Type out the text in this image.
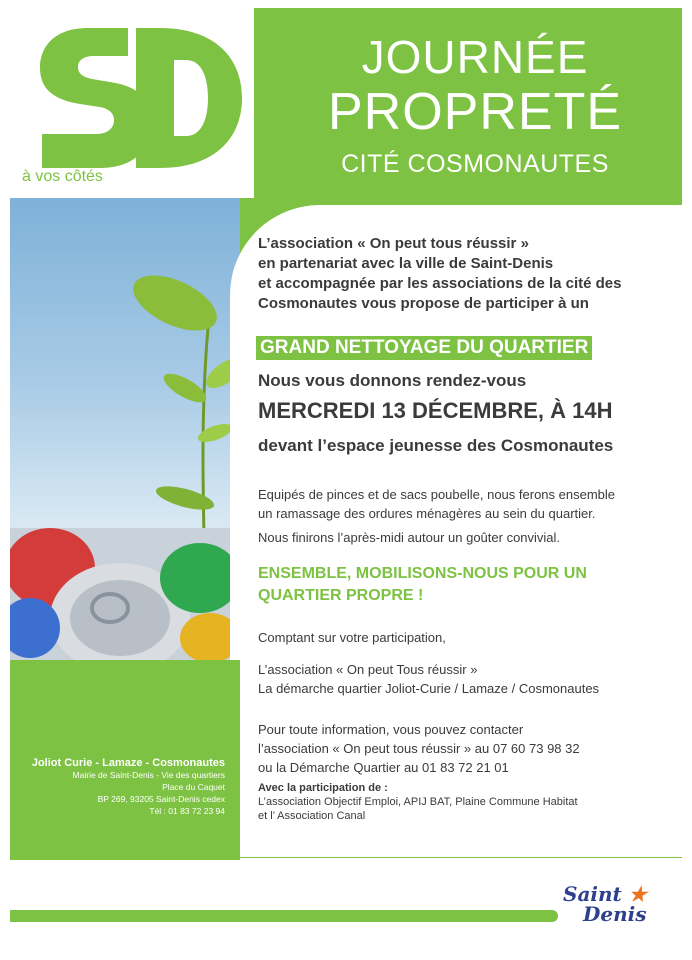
à vos côtés
JOURNÉE
PROPRETÉ
CITÉ COSMONAUTES
L’association « On peut tous réussir »
en partenariat avec la ville de Saint-Denis
et accompagnée par les associations de la cité des
Cosmonautes vous propose de participer à un
GRAND NETTOYAGE DU QUARTIER
Nous vous donnons rendez-vous
MERCREDI 13 DÉCEMBRE, À 14H
devant l’espace jeunesse des Cosmonautes
Equipés de pinces et de sacs poubelle, nous ferons ensemble
un ramassage des ordures ménagères au sein du quartier.
Nous finirons l’après-midi autour un goûter convivial.
ENSEMBLE, MOBILISONS-NOUS POUR UN
QUARTIER PROPRE !
Comptant sur votre participation,
L’association « On peut Tous réussir »
La démarche quartier Joliot-Curie / Lamaze / Cosmonautes
Pour toute information, vous pouvez contacter
l’association « On peut tous réussir » au 07 60 73 98 32
ou la Démarche Quartier au 01 83 72 21 01
Avec la participation de :
L’association Objectif Emploi, APIJ BAT, Plaine Commune Habitat
et l’ Association Canal
Joliot Curie - Lamaze - Cosmonautes
Mairie de Saint-Denis - Vie des quartiers
Place du Caquet
BP 269, 93205 Saint-Denis cedex
Tél : 01 83 72 23 94
Saint ★
Denis
